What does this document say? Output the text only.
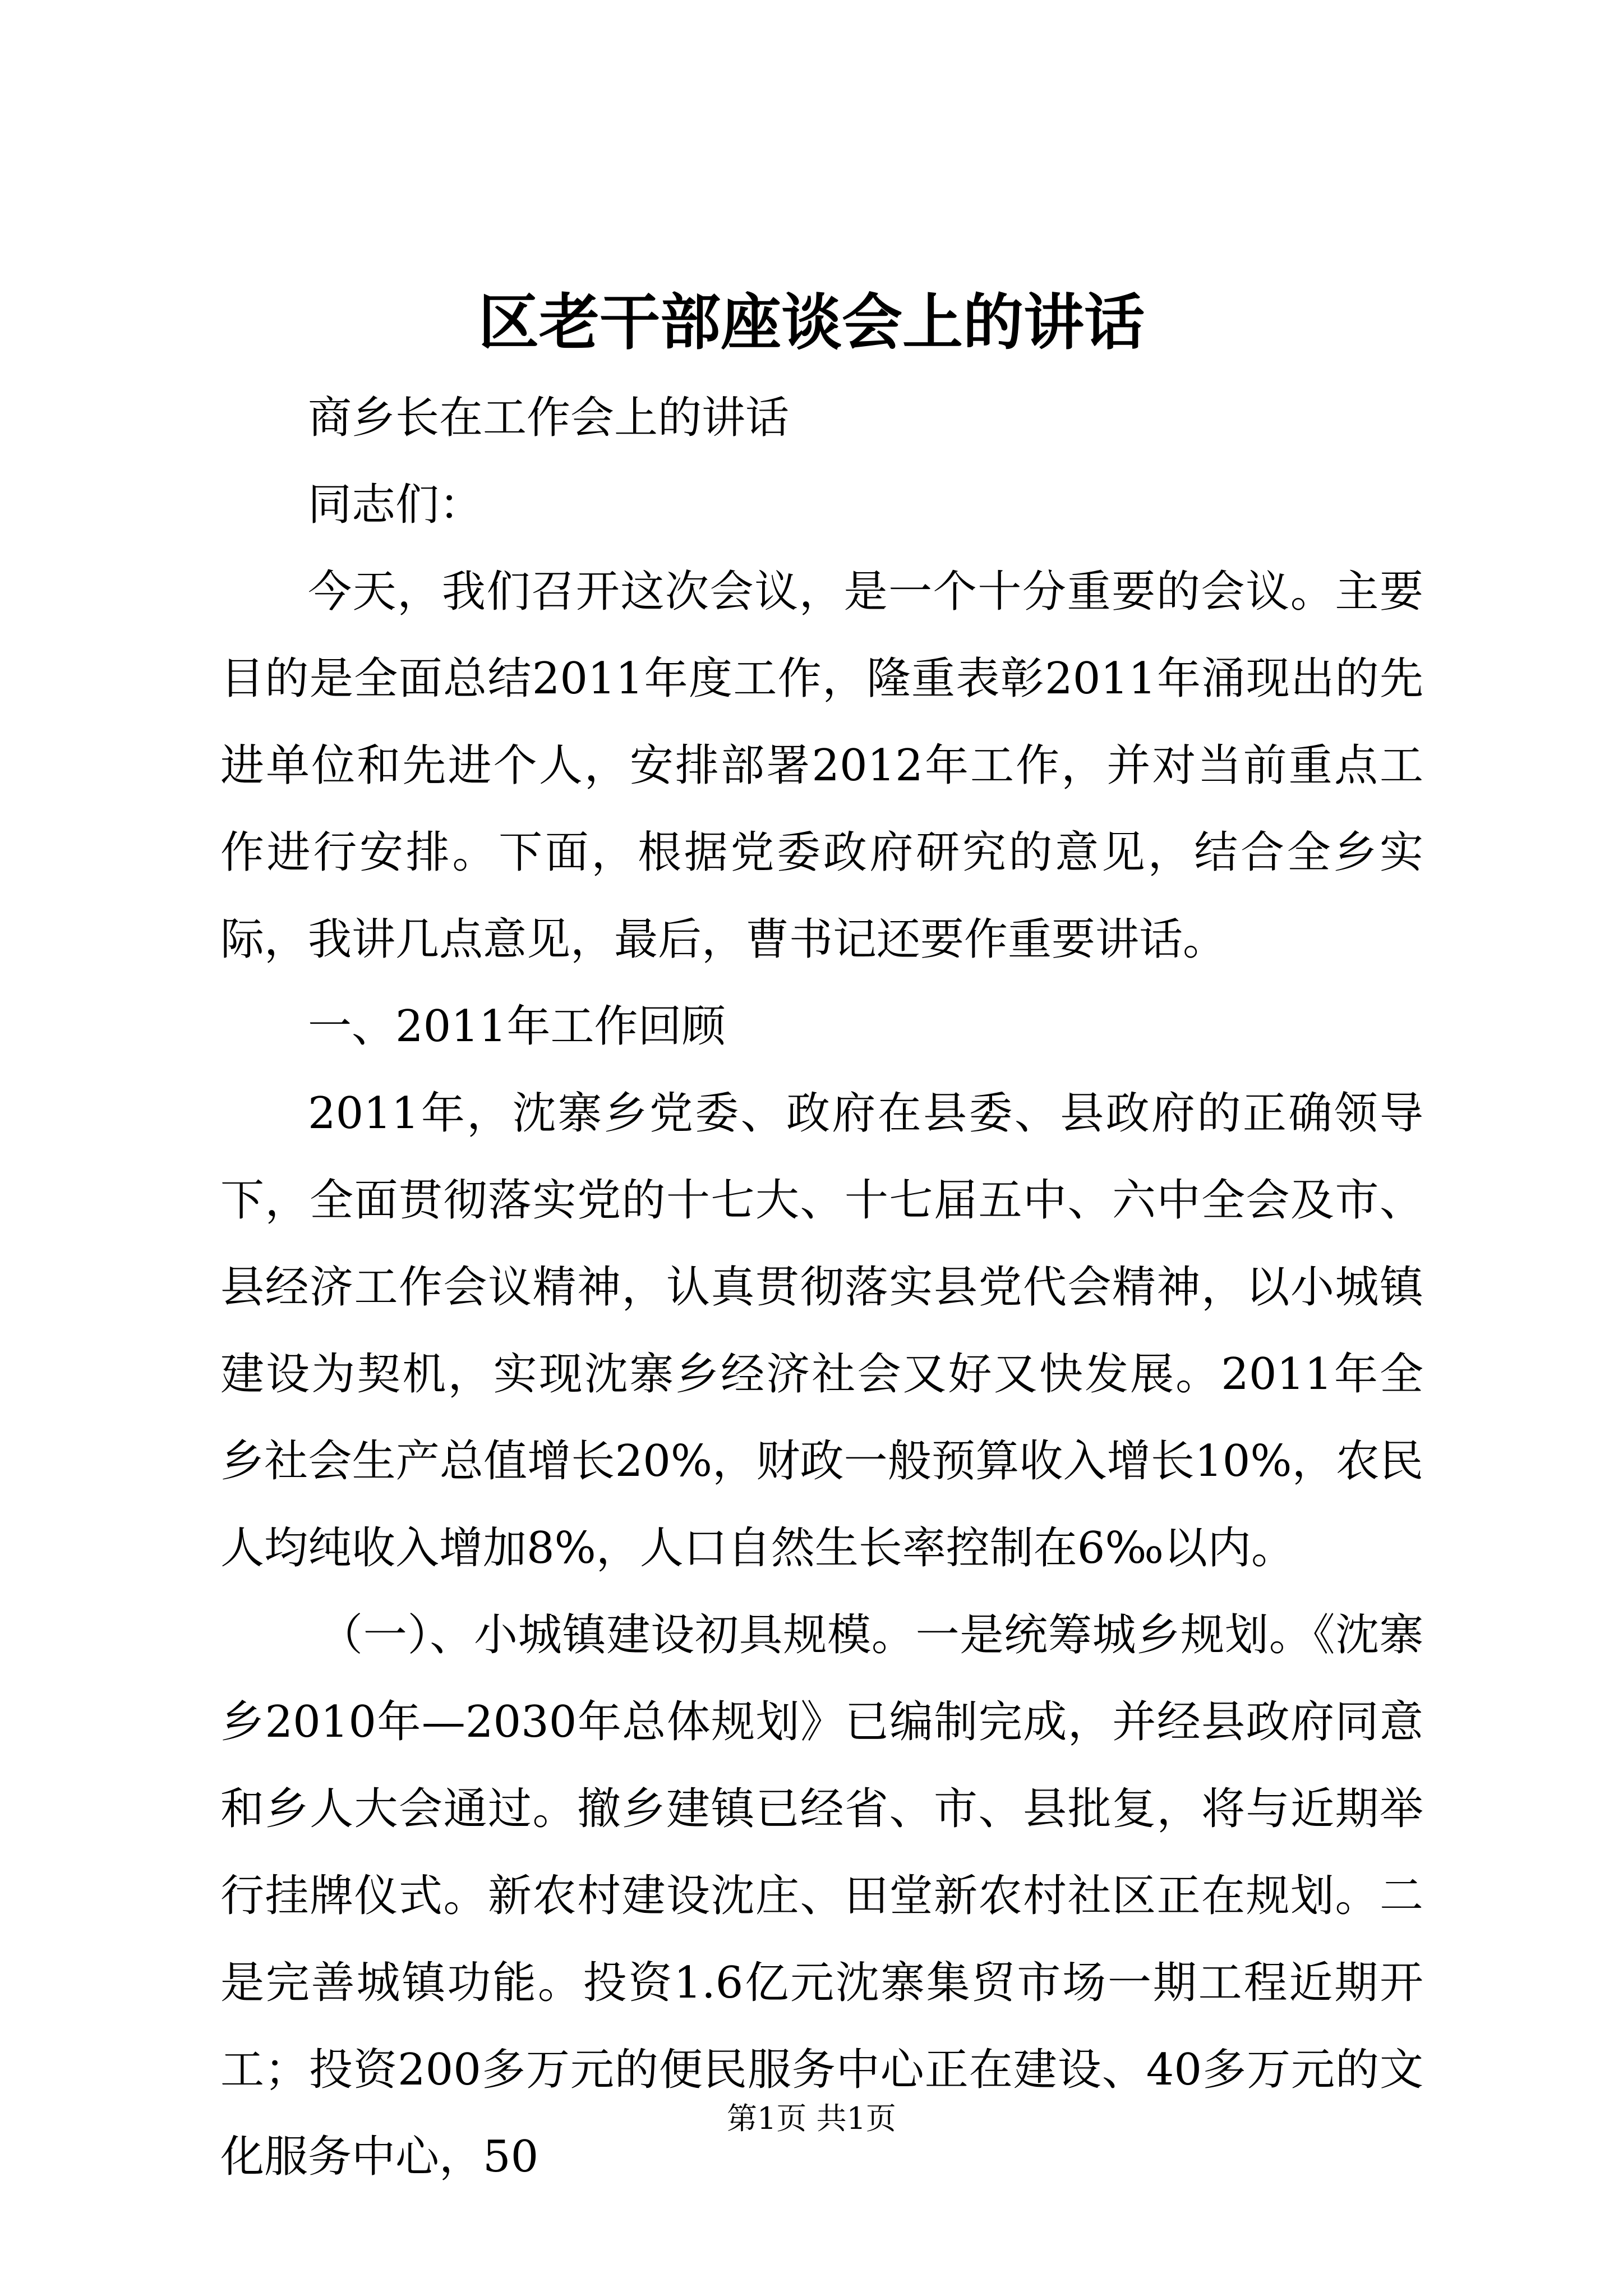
区老干部座谈会上的讲话

商乡长在工作会上的讲话

同志们：

今天，我们召开这次会议，是一个十分重要的会议。主要目的是全面总结2011年度工作，隆重表彰2011年涌现出的先进单位和先进个人，安排部署2012年工作，并对当前重点工作进行安排。下面，根据党委政府研究的意见，结合全乡实际，我讲几点意见，最后，曹书记还要作重要讲话。

一、2011年工作回顾

2011年，沈寨乡党委、政府在县委、县政府的正确领导下，全面贯彻落实党的十七大、十七届五中、六中全会及市、县经济工作会议精神，认真贯彻落实县党代会精神，以小城镇建设为契机，实现沈寨乡经济社会又好又快发展。2011年全乡社会生产总值增长20%，财政一般预算收入增长10%，农民人均纯收入增加8%，人口自然生长率控制在6‰以内。

（一）、小城镇建设初具规模。一是统筹城乡规划。《沈寨乡2010年—2030年总体规划》已编制完成，并经县政府同意和乡人大会通过。撤乡建镇已经省、市、县批复，将与近期举行挂牌仪式。新农村建设沈庄、田堂新农村社区正在规划。二是完善城镇功能。投资1.6亿元沈寨集贸市场一期工程近期开工；投资200多万元的便民服务中心正在建设、40多万元的文化服务中心，50

第1页 共1页
